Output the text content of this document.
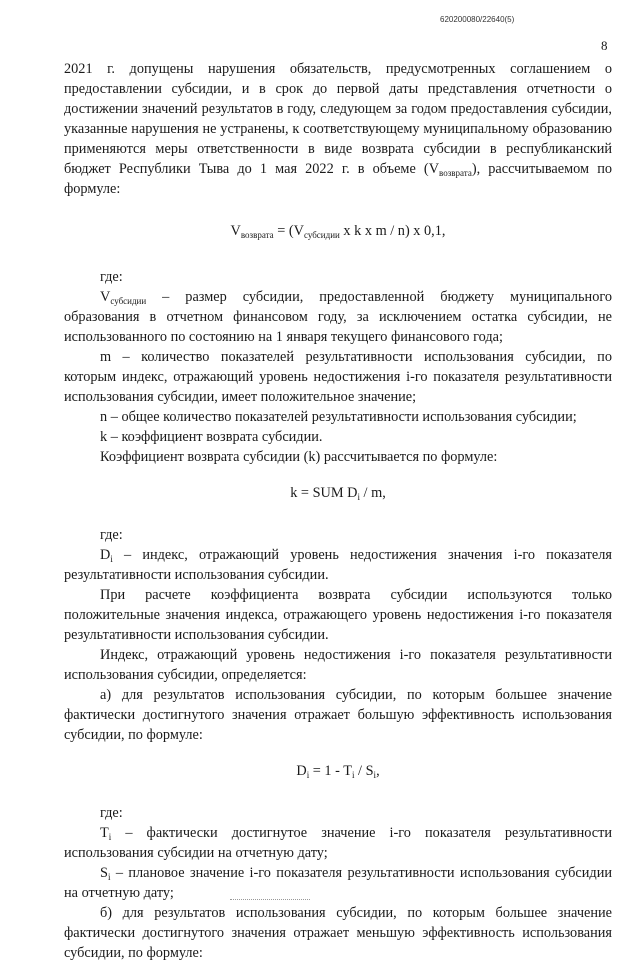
620200080/22640(5)
8

2021 г. допущены нарушения обязательств, предусмотренных соглашением о предоставлении субсидии, и в срок до первой даты представления отчетности о достижении значений результатов в году, следующем за годом предоставления субсидии, указанные нарушения не устранены, к соответствующему муниципальному образованию применяются меры ответственности в виде возврата субсидии в республиканский бюджет Республики Тыва до 1 мая 2022 г. в объеме $(V_{возврата})$, рассчитываемом по формуле:

$V_{возврата} = (V_{субсидии}$ x k x m / n) x 0,1,

где:

$V_{субсидии}$ – размер субсидии, предоставленной бюджету муниципального образования в отчетном финансовом году, за исключением остатка субсидии, не использованного по состоянию на 1 января текущего финансового года;

m – количество показателей результативности использования субсидии, по которым индекс, отражающий уровень недостижения i-го показателя результативности использования субсидии, имеет положительное значение;

n – общее количество показателей результативности использования субсидии;

k – коэффициент возврата субсидии.

Коэффициент возврата субсидии (k) рассчитывается по формуле:

k = SUM $D_i$ / m,

где:

$D_i$ – индекс, отражающий уровень недостижения значения i-го показателя результативности использования субсидии.

При расчете коэффициента возврата субсидии используются только положительные значения индекса, отражающего уровень недостижения i-го показателя результативности использования субсидии.

Индекс, отражающий уровень недостижения i-го показателя результативности использования субсидии, определяется:

а) для результатов использования субсидии, по которым большее значение фактически достигнутого значения отражает большую эффективность использования субсидии, по формуле:

$D_i = 1 - T_i / S_i$,

где:

$T_i$ – фактически достигнутое значение i-го показателя результативности использования субсидии на отчетную дату;

$S_i$ – плановое значение i-го показателя результативности использования субсидии на отчетную дату;

б) для результатов использования субсидии, по которым большее значение фактически достигнутого значения отражает меньшую эффективность использования субсидии, по формуле:
